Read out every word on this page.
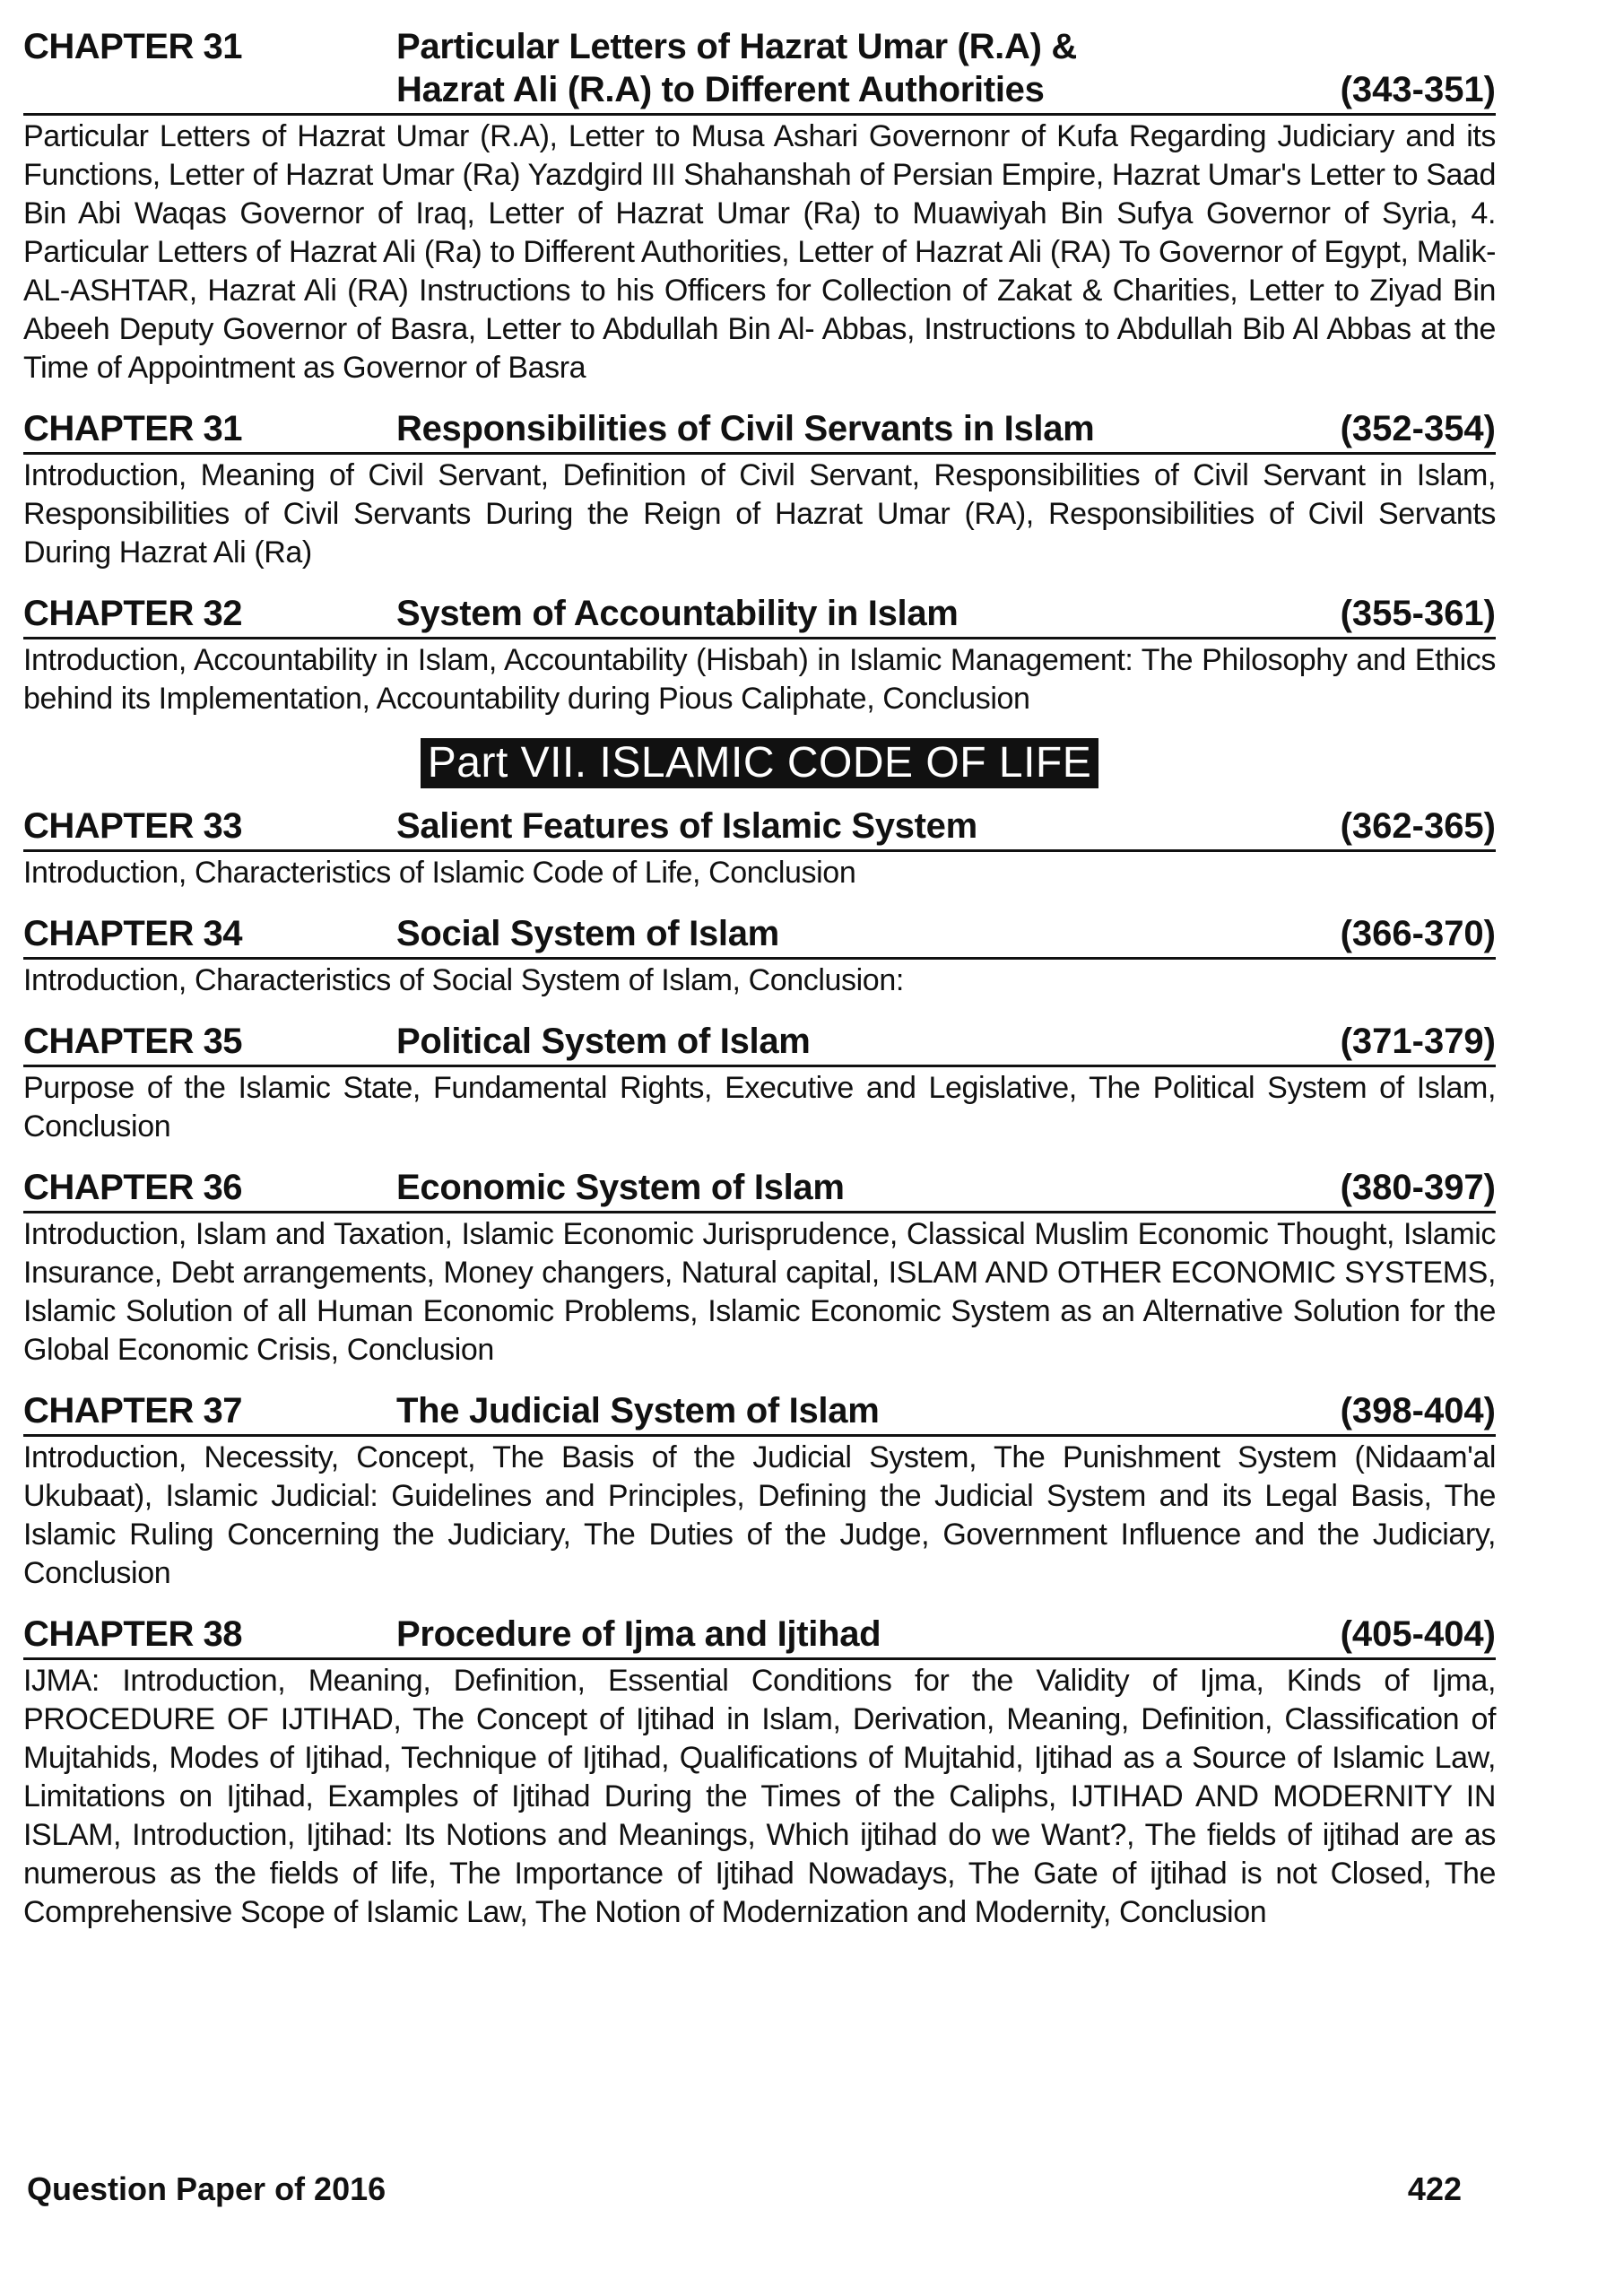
CHAPTER 31	Particular Letters of Hazrat Umar (R.A) &
Hazrat Ali (R.A) to Different Authorities	(343-351)
Particular Letters of Hazrat Umar (R.A), Letter to Musa Ashari Governonr of Kufa Regarding Judiciary and its Functions, Letter of Hazrat Umar (Ra) Yazdgird III Shahanshah of Persian Empire, Hazrat Umar's Letter to Saad Bin Abi Waqas Governor of Iraq, Letter of Hazrat Umar (Ra) to Muawiyah Bin Sufya Governor of Syria, 4. Particular Letters of Hazrat Ali (Ra) to Different Authorities, Letter of Hazrat Ali (RA) To Governor of Egypt, Malik- AL-ASHTAR, Hazrat Ali (RA) Instructions to his Officers for Collection of Zakat & Charities, Letter to Ziyad Bin Abeeh Deputy Governor of Basra, Letter to Abdullah Bin Al- Abbas, Instructions to Abdullah Bib Al Abbas at the Time of Appointment as Governor of Basra
CHAPTER 31	Responsibilities of Civil Servants in Islam	(352-354)
Introduction, Meaning of Civil Servant, Definition of Civil Servant, Responsibilities of Civil Servant in Islam, Responsibilities of Civil Servants During the Reign of Hazrat Umar (RA), Responsibilities of Civil Servants During Hazrat Ali (Ra)
CHAPTER 32	System of Accountability in Islam	(355-361)
Introduction, Accountability in Islam, Accountability (Hisbah) in Islamic Management: The Philosophy and Ethics behind its Implementation, Accountability during Pious Caliphate, Conclusion
Part VII. ISLAMIC CODE OF LIFE
CHAPTER 33	Salient Features of Islamic System	(362-365)
Introduction, Characteristics of Islamic Code of Life, Conclusion
CHAPTER 34	Social System of Islam	(366-370)
Introduction, Characteristics of Social System of Islam, Conclusion:
CHAPTER 35	Political System of Islam	(371-379)
Purpose of the Islamic State, Fundamental Rights, Executive and Legislative, The Political System of Islam, Conclusion
CHAPTER 36	Economic System of Islam	(380-397)
Introduction, Islam and Taxation, Islamic Economic Jurisprudence, Classical Muslim Economic Thought, Islamic Insurance, Debt arrangements, Money changers, Natural capital, ISLAM AND OTHER ECONOMIC SYSTEMS, Islamic Solution of all Human Economic Problems, Islamic Economic System as an Alternative Solution for the Global Economic Crisis, Conclusion
CHAPTER 37	The Judicial System of Islam	(398-404)
Introduction, Necessity, Concept, The Basis of the Judicial System, The Punishment System (Nidaam'al Ukubaat), Islamic Judicial: Guidelines and Principles, Defining the Judicial System and its Legal Basis, The Islamic Ruling Concerning the Judiciary, The Duties of the Judge, Government Influence and the Judiciary, Conclusion
CHAPTER 38	Procedure of Ijma and Ijtihad	(405-404)
IJMA: Introduction, Meaning, Definition, Essential Conditions for the Validity of Ijma, Kinds of Ijma, PROCEDURE OF IJTIHAD, The Concept of Ijtihad in Islam, Derivation, Meaning, Definition, Classification of Mujtahids, Modes of Ijtihad, Technique of Ijtihad, Qualifications of Mujtahid, Ijtihad as a Source of Islamic Law, Limitations on Ijtihad, Examples of Ijtihad During the Times of the Caliphs, IJTIHAD AND MODERNITY IN ISLAM, Introduction, Ijtihad: Its Notions and Meanings, Which ijtihad do we Want?, The fields of ijtihad are as numerous as the fields of life, The Importance of Ijtihad Nowadays, The Gate of ijtihad is not Closed, The Comprehensive Scope of Islamic Law, The Notion of Modernization and Modernity, Conclusion
Question Paper of 2016	422
